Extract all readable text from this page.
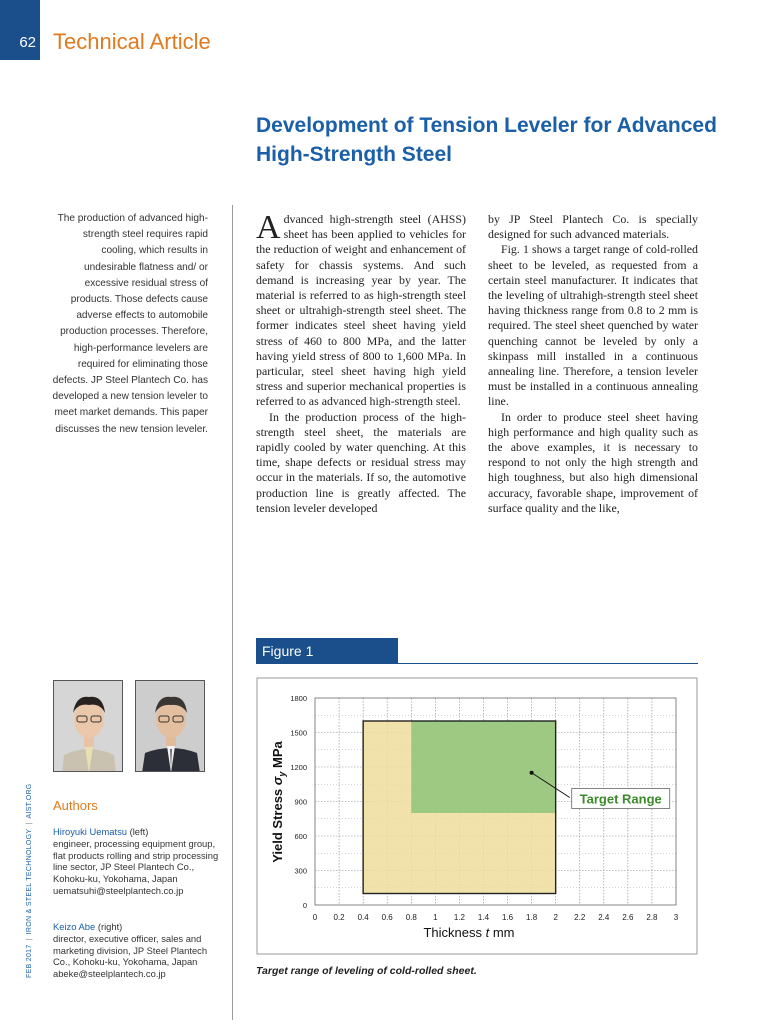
62 Technical Article
Development of Tension Leveler for Advanced
High-Strength Steel
The production of advanced high-strength steel requires rapid cooling, which results in undesirable flatness and/ or excessive residual stress of products. Those defects cause adverse effects to automobile production processes. Therefore, high-performance levelers are required for eliminating those defects. JP Steel Plantech Co. has developed a new tension leveler to meet market demands. This paper discusses the new tension leveler.

Advanced high-strength steel (AHSS) sheet has been applied to vehicles for the reduction of weight and enhancement of safety for chassis systems. And such demand is increasing year by year. The material is referred to as high-strength steel sheet or ultrahigh-strength steel sheet. The former indicates steel sheet having yield stress of 460 to 800 MPa, and the latter having yield stress of 800 to 1,600 MPa. In particular, steel sheet having high yield stress and superior mechanical properties is referred to as advanced high-strength steel.

In the production process of the high-strength steel sheet, the materials are rapidly cooled by water quenching. At this time, shape defects or residual stress may occur in the materials. If so, the automotive production line is greatly affected. The tension leveler developed

by JP Steel Plantech Co. is specially designed for such advanced materials.

Fig. 1 shows a target range of cold-rolled sheet to be leveled, as requested from a certain steel manufacturer. It indicates that the leveling of ultrahigh-strength steel sheet having thickness range from 0.8 to 2 mm is required. The steel sheet quenched by water quenching cannot be leveled by only a skinpass mill installed in a continuous annealing line. Therefore, a tension leveler must be installed in a continuous annealing line.

In order to produce steel sheet having high performance and high quality such as the above examples, it is necessary to respond to not only the high strength and high toughness, but also high dimensional accuracy, favorable shape, improvement of surface quality and the like,

Figure 1
0 0.2 0.4 0.6 0.8 1 1.2 1.4 1.6 1.8 2 2.2 2.4 2.6 2.8 3
0
300
600
900
1200
1500
1800
Target Range
Thickness t mm
Yield Stress $\sigma_y$ MPa
Target range of leveling of cold-rolled sheet.
Authors
Hiroyuki Uematsu (left)
engineer, processing equipment group, flat products rolling and strip processing line sector, JP Steel Plantech Co., Kohoku-ku, Yokohama, Japan
uematsuhi@steelplantech.co.jp
Keizo Abe (right)
director, executive officer, sales and marketing division, JP Steel Plantech Co., Kohoku-ku, Yokohama, Japan
abeke@steelplantech.co.jp
FEB 2017|IRON & STEEL TECHNOLOGY|AIST.ORG
